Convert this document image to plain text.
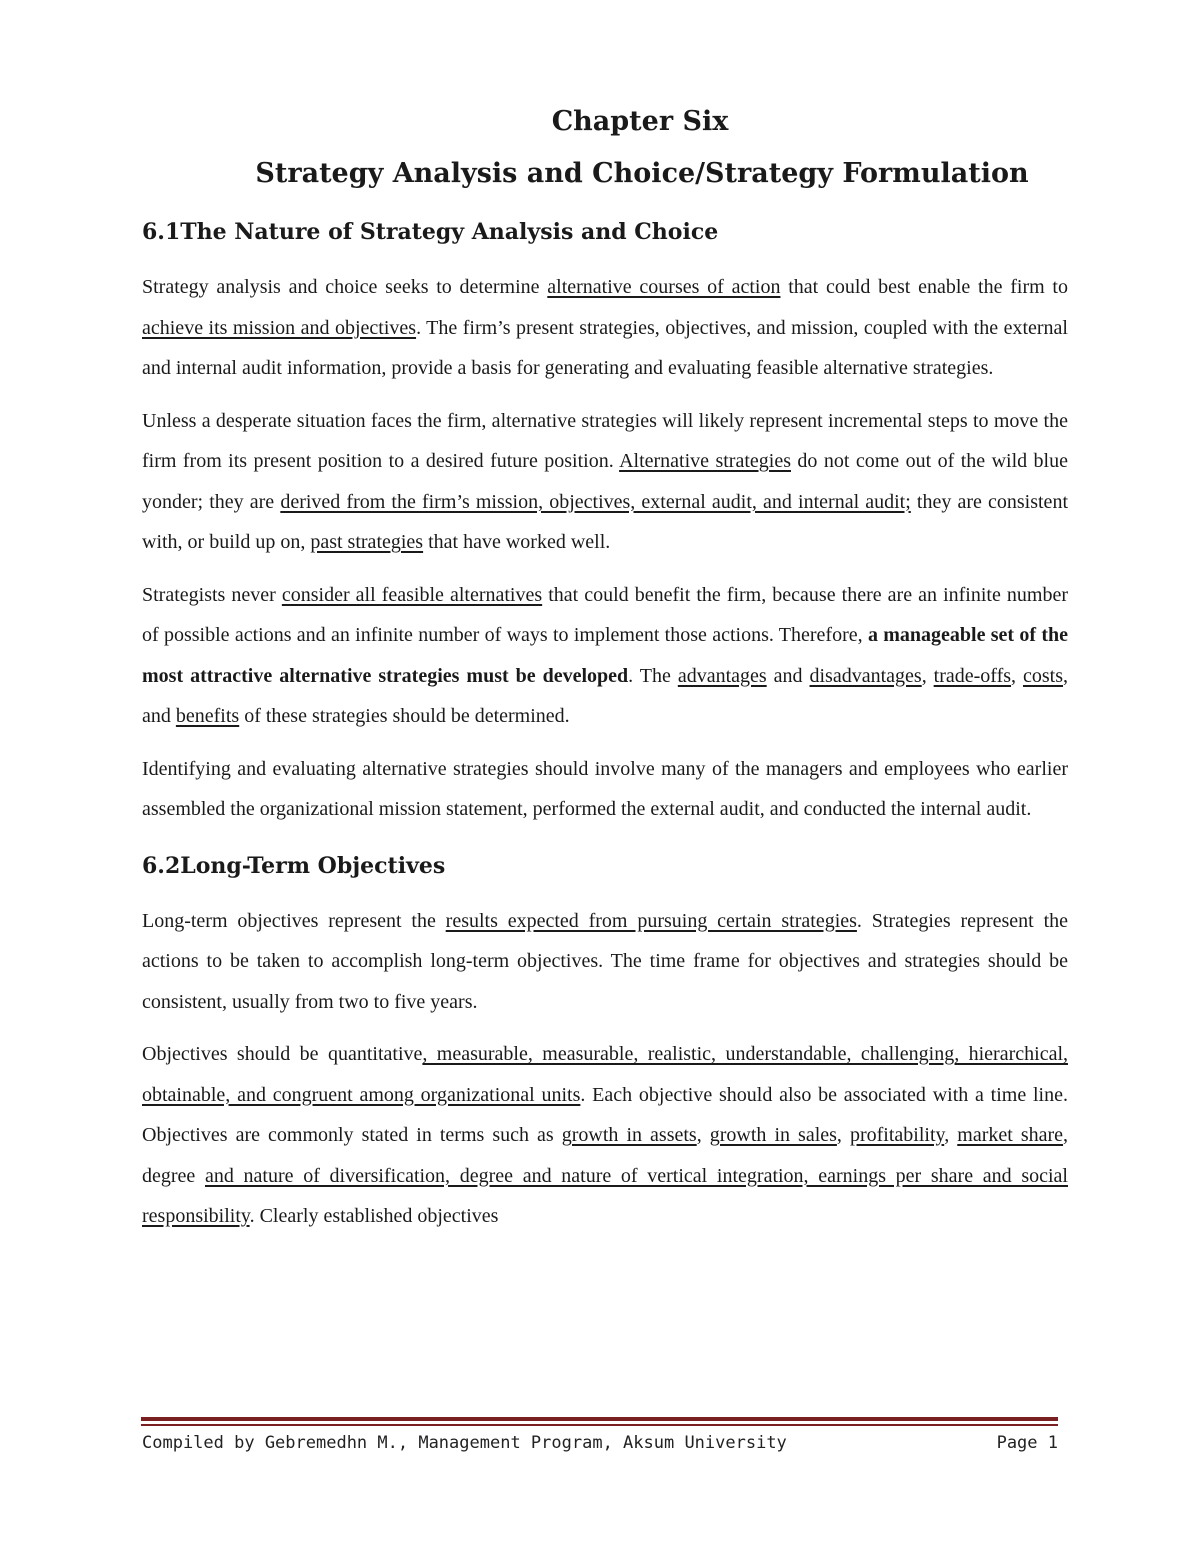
Chapter Six
Strategy Analysis and Choice/Strategy Formulation
6.1The Nature of Strategy Analysis and Choice

Strategy analysis and choice seeks to determine alternative courses of action that could best enable the firm to achieve its mission and objectives. The firm’s present strategies, objectives, and mission, coupled with the external and internal audit information, provide a basis for generating and evaluating feasible alternative strategies.

Unless a desperate situation faces the firm, alternative strategies will likely represent incremental steps to move the firm from its present position to a desired future position. Alternative strategies do not come out of the wild blue yonder; they are derived from the firm’s mission, objectives, external audit, and internal audit; they are consistent with, or build up on, past strategies that have worked well.

Strategists never consider all feasible alternatives that could benefit the firm, because there are an infinite number of possible actions and an infinite number of ways to implement those actions. Therefore, a manageable set of the most attractive alternative strategies must be developed. The advantages and disadvantages, trade-offs, costs, and benefits of these strategies should be determined.

Identifying and evaluating alternative strategies should involve many of the managers and employees who earlier assembled the organizational mission statement, performed the external audit, and conducted the internal audit.

6.2Long-Term Objectives

Long-term objectives represent the results expected from pursuing certain strategies. Strategies represent the actions to be taken to accomplish long-term objectives. The time frame for objectives and strategies should be consistent, usually from two to five years.

Objectives should be quantitative, measurable, measurable, realistic, understandable, challenging, hierarchical, obtainable, and congruent among organizational units. Each objective should also be associated with a time line. Objectives are commonly stated in terms such as growth in assets, growth in sales, profitability, market share, degree and nature of diversification, degree and nature of vertical integration, earnings per share and social responsibility. Clearly established objectives

Compiled by Gebremedhn M., Management Program, Aksum University	Page 1
